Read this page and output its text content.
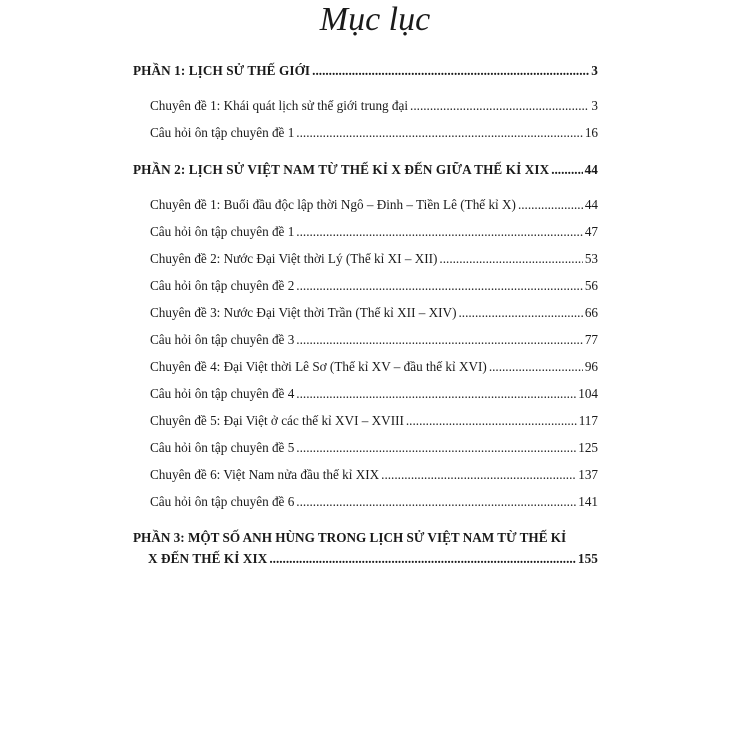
Mục lục
PHẦN 1: LỊCH SỬ THẾ GIỚI .....	3
Chuyên đề 1: Khái quát lịch sử thế giới trung đại .....	3
Câu hỏi ôn tập chuyên đề 1 .....	16
PHẦN 2: LỊCH SỬ VIỆT NAM TỪ THẾ KỈ X ĐẾN GIỮA THẾ KỈ XIX .....	44
Chuyên đề 1: Buổi đầu độc lập thời Ngô – Đinh – Tiền Lê (Thế kỉ X) .....	44
Câu hỏi ôn tập chuyên đề 1 .....	47
Chuyên đề 2: Nước Đại Việt thời Lý (Thế kỉ XI – XII) .....	53
Câu hỏi ôn tập chuyên đề 2 .....	56
Chuyên đề 3: Nước Đại Việt thời Trần (Thế kỉ XII – XIV) .....	66
Câu hỏi ôn tập chuyên đề 3 .....	77
Chuyên đề 4: Đại Việt thời Lê Sơ (Thế kỉ XV – đầu thế kỉ XVI) .....	96
Câu hỏi ôn tập chuyên đề 4 .....	104
Chuyên đề 5: Đại Việt ở các thế kỉ XVI – XVIII .....	117
Câu hỏi ôn tập chuyên đề 5 .....	125
Chuyên đề 6: Việt Nam nửa đầu thế kỉ XIX .....	137
Câu hỏi ôn tập chuyên đề 6 .....	141
PHẦN 3: MỘT SỐ ANH HÙNG TRONG LỊCH SỬ VIỆT NAM TỪ THẾ KỈ
X ĐẾN THẾ KỈ XIX .....	155
